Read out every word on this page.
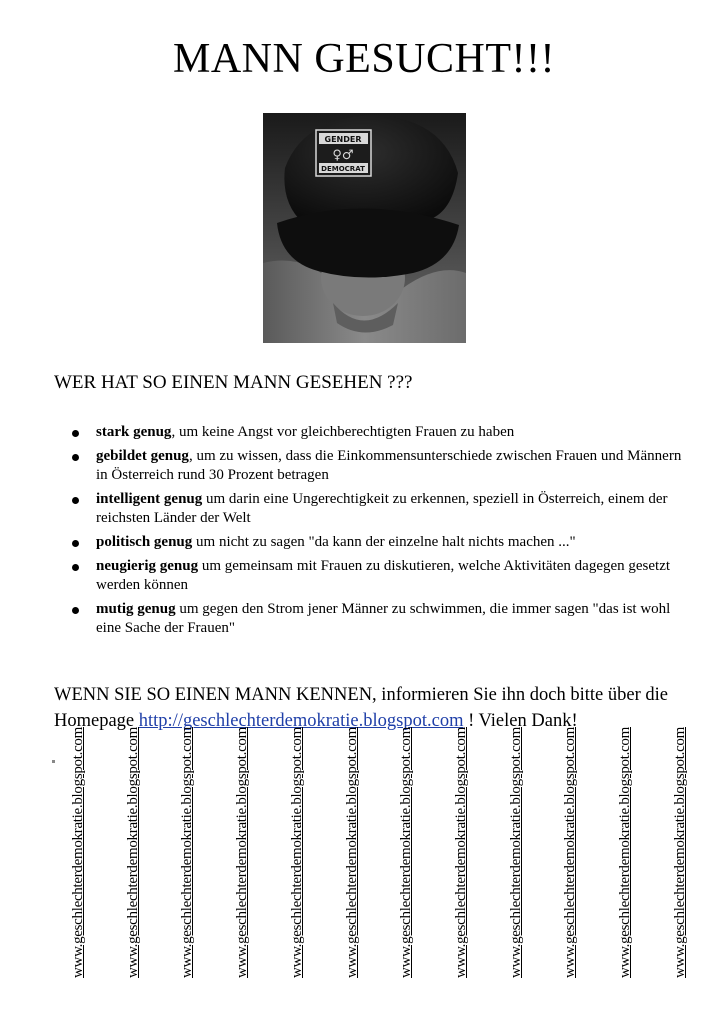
MANN GESUCHT!!!
GENDER
♀♂
DEMOCRAT
WER HAT SO EINEN MANN GESEHEN ???
stark genug, um keine Angst vor gleichberechtigten Frauen zu haben
gebildet genug, um zu wissen, dass die Einkommensunterschiede zwischen Frauen und Männern in Österreich rund 30 Prozent betragen
intelligent genug um darin eine Ungerechtigkeit zu erkennen, speziell in Österreich, einem der reichsten Länder der Welt
politisch genug um nicht zu sagen "da kann der einzelne halt nichts machen ..."
neugierig genug um gemeinsam mit Frauen zu diskutieren, welche Aktivitäten dagegen gesetzt werden können
mutig genug um gegen den Strom jener Männer zu schwimmen, die immer sagen "das ist wohl eine Sache der Frauen"
WENN SIE SO EINEN MANN KENNEN, informieren Sie ihn doch bitte über die Homepage http://geschlechterdemokratie.blogspot.com ! Vielen Dank!
www.geschlechterdemokratie.blogspot.com	www.geschlechterdemokratie.blogspot.com	www.geschlechterdemokratie.blogspot.com	www.geschlechterdemokratie.blogspot.com	www.geschlechterdemokratie.blogspot.com	www.geschlechterdemokratie.blogspot.com	www.geschlechterdemokratie.blogspot.com	www.geschlechterdemokratie.blogspot.com	www.geschlechterdemokratie.blogspot.com	www.geschlechterdemokratie.blogspot.com	www.geschlechterdemokratie.blogspot.com	www.geschlechterdemokratie.blogspot.com
